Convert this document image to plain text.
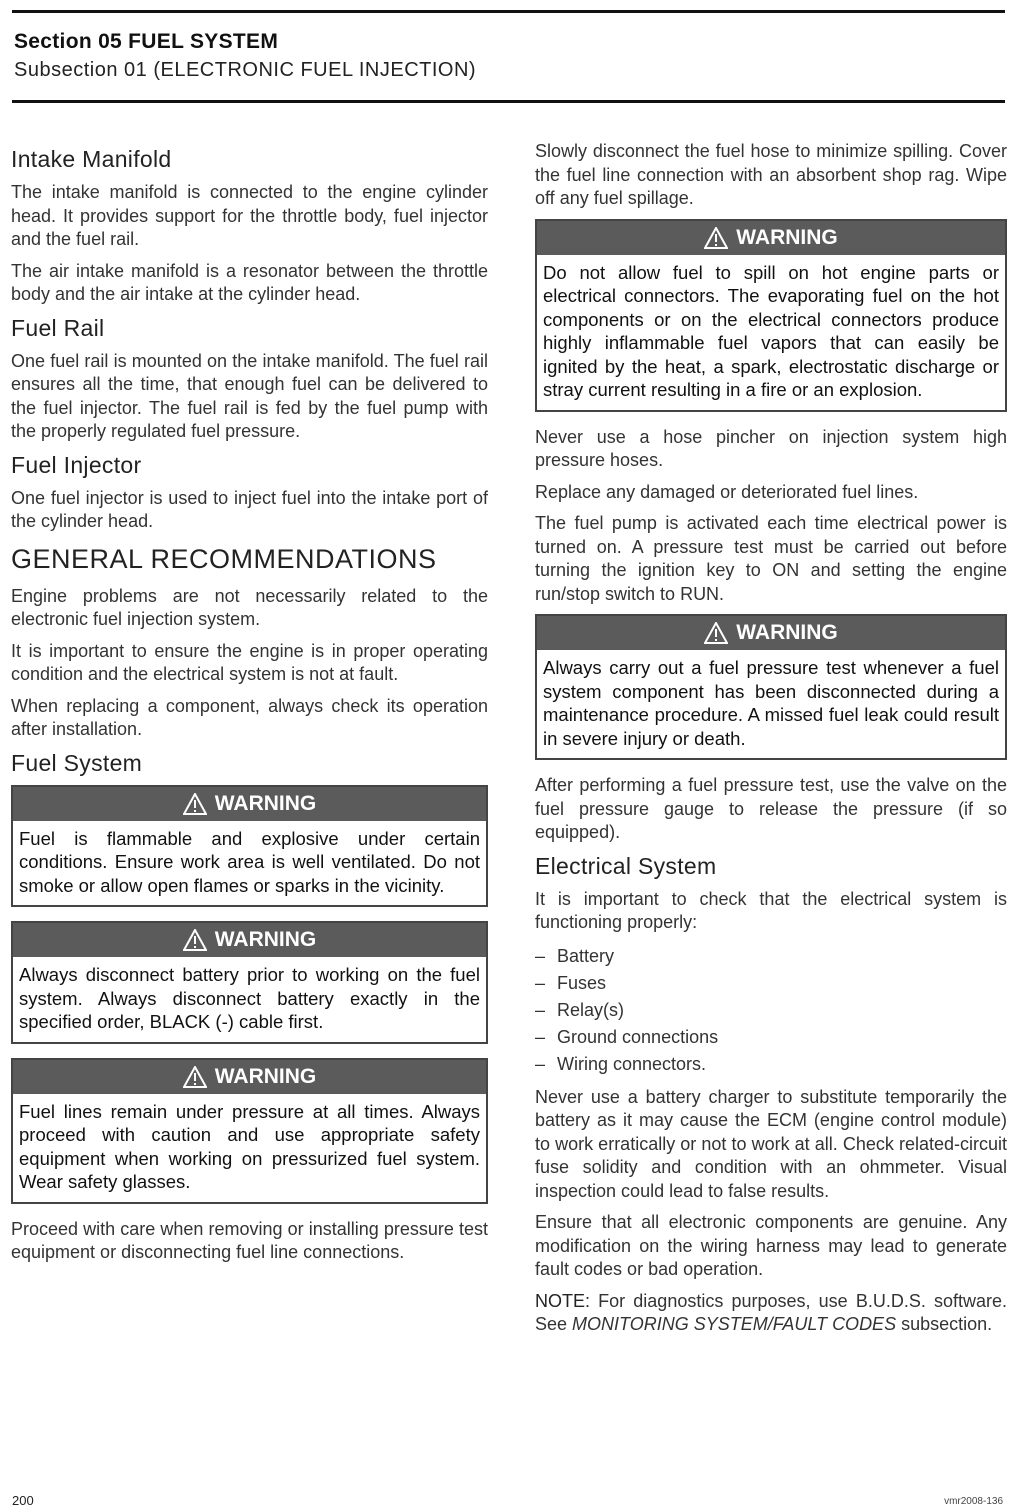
Section 05 FUEL SYSTEM
Subsection 01 (ELECTRONIC FUEL INJECTION)
Intake Manifold

The intake manifold is connected to the engine cylinder head. It provides support for the throttle body, fuel injector and the fuel rail.

The air intake manifold is a resonator between the throttle body and the air intake at the cylinder head.

Fuel Rail

One fuel rail is mounted on the intake manifold. The fuel rail ensures all the time, that enough fuel can be delivered to the fuel injector. The fuel rail is fed by the fuel pump with the properly regulated fuel pressure.

Fuel Injector

One fuel injector is used to inject fuel into the intake port of the cylinder head.

GENERAL RECOMMENDATIONS

Engine problems are not necessarily related to the electronic fuel injection system.

It is important to ensure the engine is in proper operating condition and the electrical system is not at fault.

When replacing a component, always check its operation after installation.

Fuel System
WARNING
Fuel is flammable and explosive under certain conditions. Ensure work area is well ventilated. Do not smoke or allow open flames or sparks in the vicinity.
WARNING
Always disconnect battery prior to working on the fuel system. Always disconnect battery exactly in the specified order, BLACK (-) cable first.
WARNING
Fuel lines remain under pressure at all times. Always proceed with caution and use appropriate safety equipment when working on pressurized fuel system. Wear safety glasses.

Proceed with care when removing or installing pressure test equipment or disconnecting fuel line connections.

Slowly disconnect the fuel hose to minimize spilling. Cover the fuel line connection with an absorbent shop rag. Wipe off any fuel spillage.

WARNING
Do not allow fuel to spill on hot engine parts or electrical connectors. The evaporating fuel on the hot components or on the electrical connectors produce highly inflammable fuel vapors that can easily be ignited by the heat, a spark, electrostatic discharge or stray current resulting in a fire or an explosion.

Never use a hose pincher on injection system high pressure hoses.

Replace any damaged or deteriorated fuel lines.

The fuel pump is activated each time electrical power is turned on. A pressure test must be carried out before turning the ignition key to ON and setting the engine run/stop switch to RUN.

WARNING
Always carry out a fuel pressure test whenever a fuel system component has been disconnected during a maintenance procedure. A missed fuel leak could result in severe injury or death.

After performing a fuel pressure test, use the valve on the fuel pressure gauge to release the pressure (if so equipped).

Electrical System

It is important to check that the electrical system is functioning properly:

– Battery
– Fuses
– Relay(s)
– Ground connections
– Wiring connectors.

Never use a battery charger to substitute temporarily the battery as it may cause the ECM (engine control module) to work erratically or not to work at all. Check related-circuit fuse solidity and condition with an ohmmeter. Visual inspection could lead to false results.

Ensure that all electronic components are genuine. Any modification on the wiring harness may lead to generate fault codes or bad operation.

NOTE: For diagnostics purposes, use B.U.D.S. software. See MONITORING SYSTEM/FAULT CODES subsection.

200	vmr2008-136
